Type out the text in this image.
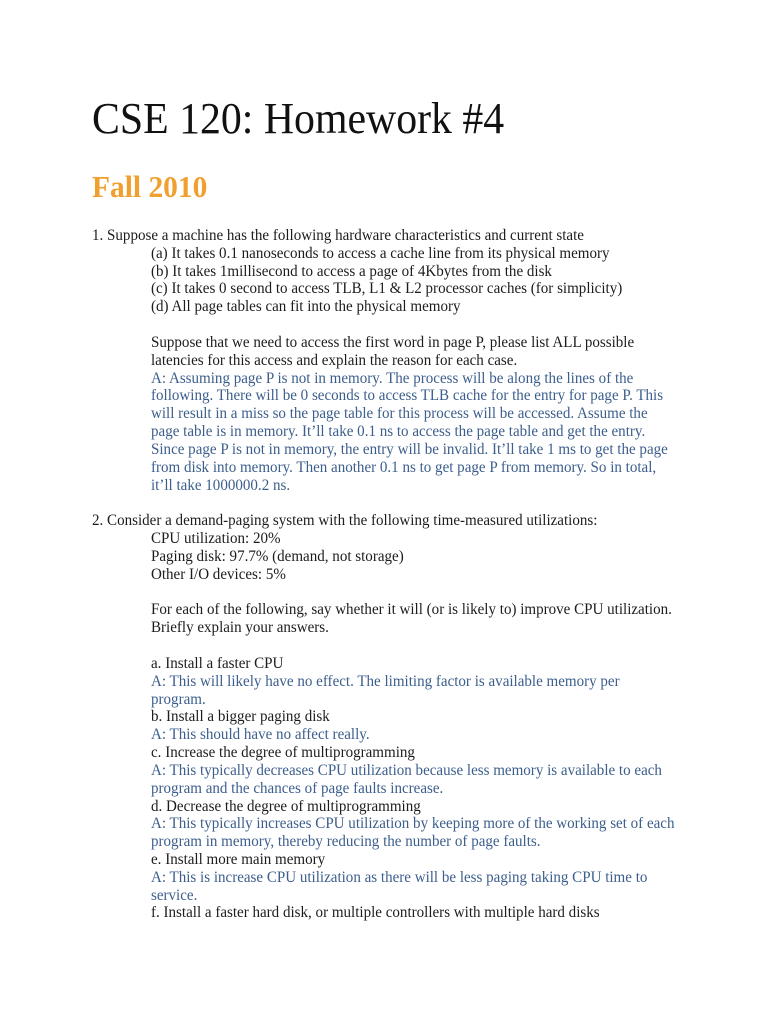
CSE 120: Homework #4
Fall 2010
1. Suppose a machine has the following hardware characteristics and current state
(a) It takes 0.1 nanoseconds to access a cache line from its physical memory
(b) It takes 1millisecond to access a page of 4Kbytes from the disk
(c) It takes 0 second to access TLB, L1 & L2 processor caches (for simplicity)
(d) All page tables can fit into the physical memory
Suppose that we need to access the first word in page P, please list ALL possible
latencies for this access and explain the reason for each case.
A: Assuming page P is not in memory. The process will be along the lines of the
following. There will be 0 seconds to access TLB cache for the entry for page P. This
will result in a miss so the page table for this process will be accessed. Assume the
page table is in memory. It’ll take 0.1 ns to access the page table and get the entry.
Since page P is not in memory, the entry will be invalid. It’ll take 1 ms to get the page
from disk into memory. Then another 0.1 ns to get page P from memory. So in total,
it’ll take 1000000.2 ns.
2. Consider a demand-paging system with the following time-measured utilizations:
CPU utilization: 20%
Paging disk: 97.7% (demand, not storage)
Other I/O devices: 5%
For each of the following, say whether it will (or is likely to) improve CPU utilization.
Briefly explain your answers.
a. Install a faster CPU
A: This will likely have no effect. The limiting factor is available memory per
program.
b. Install a bigger paging disk
A: This should have no affect really.
c. Increase the degree of multiprogramming
A: This typically decreases CPU utilization because less memory is available to each
program and the chances of page faults increase.
d. Decrease the degree of multiprogramming
A: This typically increases CPU utilization by keeping more of the working set of each
program in memory, thereby reducing the number of page faults.
e. Install more main memory
A: This is increase CPU utilization as there will be less paging taking CPU time to
service.
f. Install a faster hard disk, or multiple controllers with multiple hard disks
